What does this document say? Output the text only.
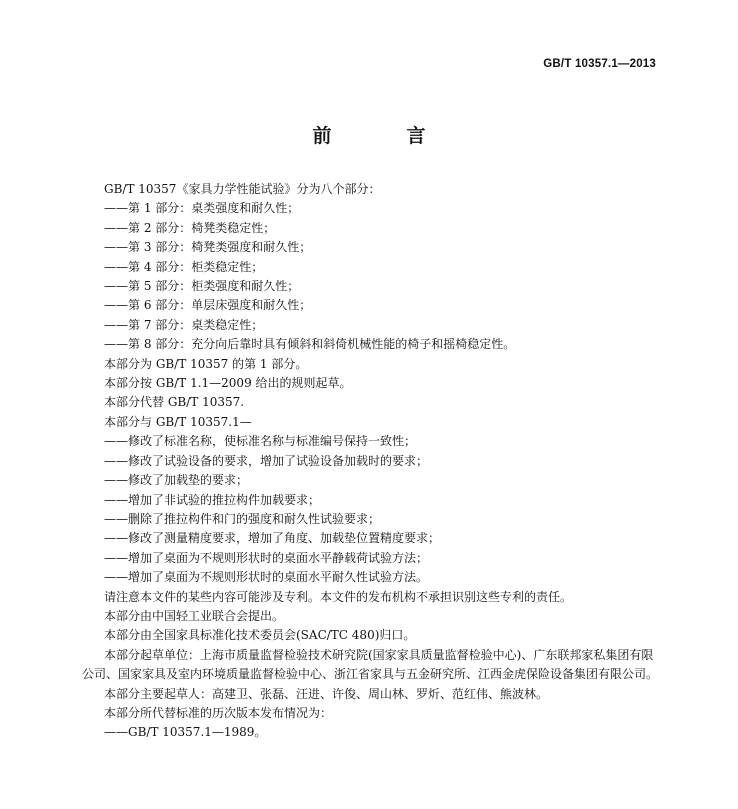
GB/T 10357.1—2013
前　言

GB/T 10357《家具力学性能试验》分为八个部分：

——第 1 部分：桌类强度和耐久性；

——第 2 部分：椅凳类稳定性；

——第 3 部分：椅凳类强度和耐久性；

——第 4 部分：柜类稳定性；

——第 5 部分：柜类强度和耐久性；

——第 6 部分：单层床强度和耐久性；

——第 7 部分：桌类稳定性；

——第 8 部分：充分向后靠时具有倾斜和斜倚机械性能的椅子和摇椅稳定性。

本部分为 GB/T 10357 的第 1 部分。

本部分按 GB/T 1.1—2009 给出的规则起草。

本部分代替 GB/T 10357.

本部分与 GB/T 10357.1—

——修改了标准名称，使标准名称与标准编号保持一致性；

——修改了试验设备的要求，增加了试验设备加载时的要求；

——修改了加载垫的要求；

——增加了非试验的推拉构件加载要求；

——删除了推拉构件和门的强度和耐久性试验要求；

——修改了测量精度要求，增加了角度、加载垫位置精度要求；

——增加了桌面为不规则形状时的桌面水平静载荷试验方法；

——增加了桌面为不规则形状时的桌面水平耐久性试验方法。

请注意本文件的某些内容可能涉及专利。本文件的发布机构不承担识别这些专利的责任。

本部分由中国轻工业联合会提出。

本部分由全国家具标准化技术委员会(SAC/TC 480)归口。

本部分起草单位：上海市质量监督检验技术研究院(国家家具质量监督检验中心)、广东联邦家私集团有限公司、国家家具及室内环境质量监督检验中心、浙江省家具与五金研究所、江西金虎保险设备集团有限公司。

本部分主要起草人：高建卫、张磊、汪进、许俊、周山林、罗炘、范红伟、熊波林。

本部分所代替标准的历次版本发布情况为：

——GB/T 10357.1—1989。
